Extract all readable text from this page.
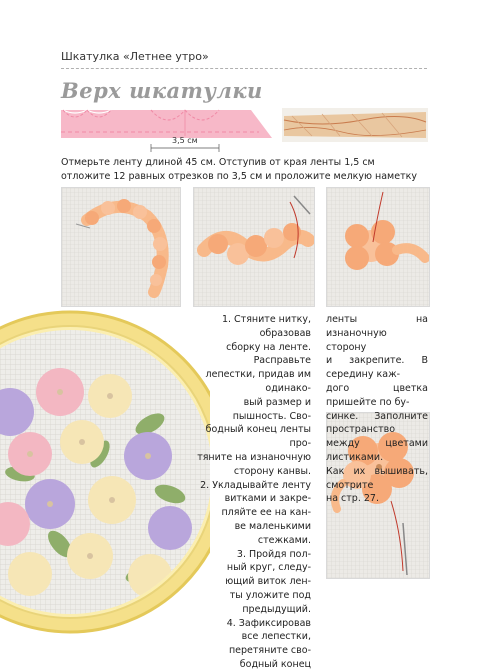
Шкатулка «Летнее утро»
Верх шкатулки
3,5 см
Отмерьте ленту длиной 45 см. Отступив от края ленты 1,5 см отложите 12 равных отрезков по 3,5 см и проложите мелкую наметку

1. Стяните нитку, образовав

сборку на ленте. Расправьте

лепестки, придав им одинако-

вый размер и пышность. Сво-

бодный конец ленты про-

тяните на изнаночную

сторону канвы.

2. Укладывайте ленту

витками и закре-

пляйте ее на кан-

ве маленькими

стежками.

3. Пройдя пол-

ный круг, следу-

ющий виток лен-

ты уложите под

предыдущий.

4. Зафиксировав

все лепестки,

перетяните сво-

бодный конец

ленты на изнаночную сторону

и закрепите. В середину каж-

дого цветка пришейте по бу-

синке. Заполните пространство

между цветами листиками.

Как их вышивать, смотрите

на стр. 27.
